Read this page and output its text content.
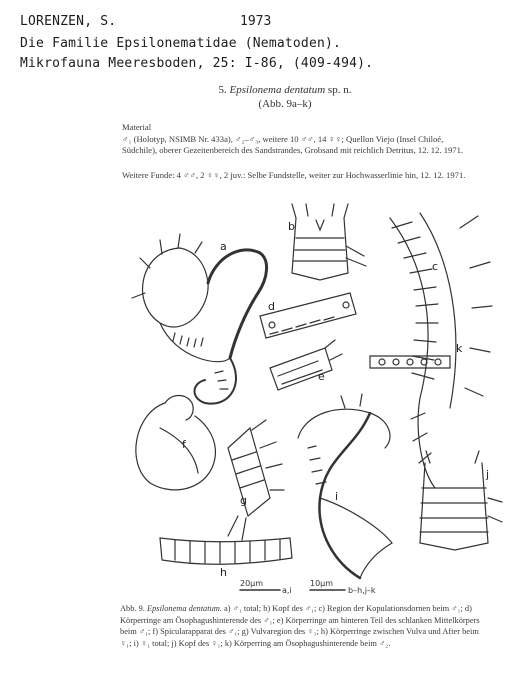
LORENZEN, S.	1973
Die Familie Epsilonematidae (Nematoden).
Mikrofauna Meeresboden, 25: I-86, (409-494).
5. Epsilonema dentatum sp. n.
(Abb. 9a–k)
Material
♂₁ (Holotyp, NSIMB Nr. 433a), ♂₂–♂₃, weitere 10 ♂♂, 14 ♀♀; Quellon Viejo (Insel Chiloé, Südchile), oberer Gezeitenbereich des Sandstrandes, Grobsand mit reichlich Detritus, 12. 12. 1971.
Weitere Funde: 4 ♂♂, 2 ♀♀, 2 juv.: Selbe Fundstelle, weiter zur Hochwasserlinie hin, 12. 12. 1971.
a
b
c
d
e
f
g
h
i
j
k
20µm
a,i
10µm
b–h,j–k
Abb. 9. Epsilonema dentatum. a) ♂₁ total; b) Kopf des ♂₁; c) Region der Kopulationsdornen beim ♂₁; d) Körperringe am Ösophagushinterende des ♂₁; e) Körperringe am hinteren Teil des schlanken Mittelkörpers beim ♂₁; f) Spicularapparat des ♂₁; g) Vulvaregion des ♀₁; h) Körperringe zwischen Vulva und After beim ♀₁; i) ♀₁ total; j) Kopf des ♀₁; k) Körperring am Ösophagushinterende beim ♂₂.
